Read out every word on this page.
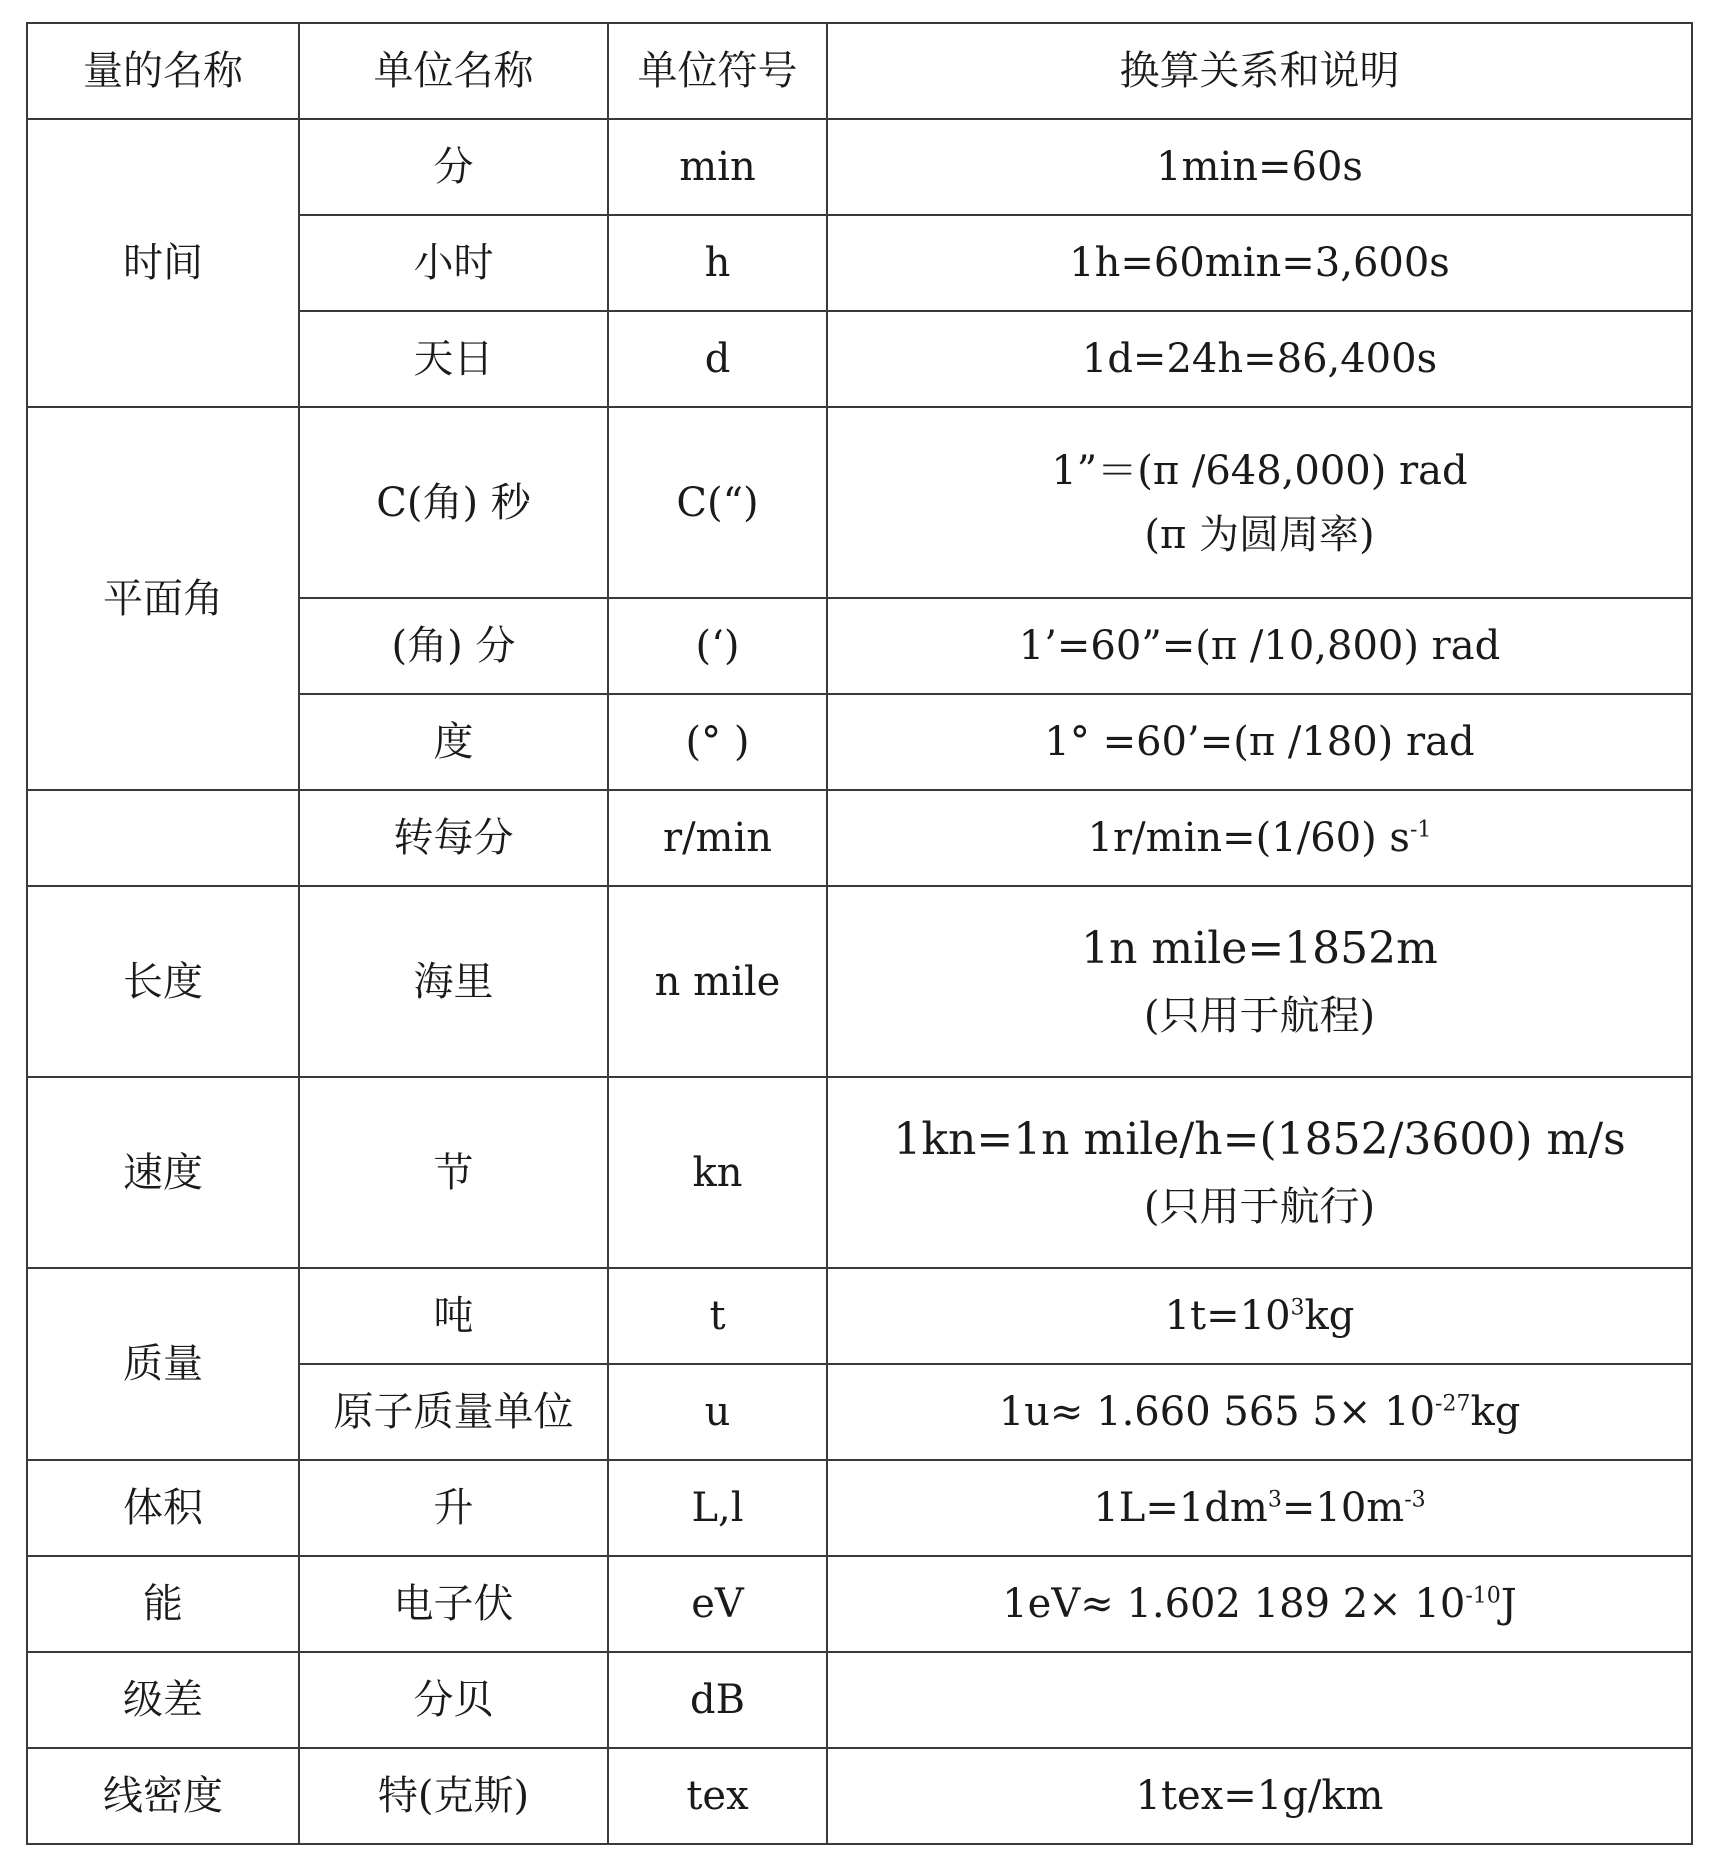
量的名称	单位名称	单位符号	换算关系和说明
时间	分	min	1min=60s
	小时	h	1h=60min=3,600s
	天日	d	1d=24h=86,400s
平面角	C(角) 秒	C(“)	1”＝(π /648,000) rad
(π 为圆周率)

	(角) 分	(‘)	1’=60”=(π /10,800) rad
	度	(° )	1° =60’=(π /180) rad
	转每分	r/min	1r/min=(1/60) $s^{-1}$
长度	海里	n mile	1n mile=1852m
(只用于航程)

速度	节	kn	1kn=1n mile/h=(1852/3600) m/s
(只用于航行)

质量	吨	t	$1t=10^3kg$
	原子质量单位	u	1u≈ 1.660 565 $5\times 10^{-27}kg$
体积	升	L,l	$1L=1dm^3=10m^{-3}$
能	电子伏	eV	1eV≈ 1.602 189 $2\times 10^{-10}J$
级差	分贝	dB	
线密度	特(克斯)	tex	1tex=1g/km
